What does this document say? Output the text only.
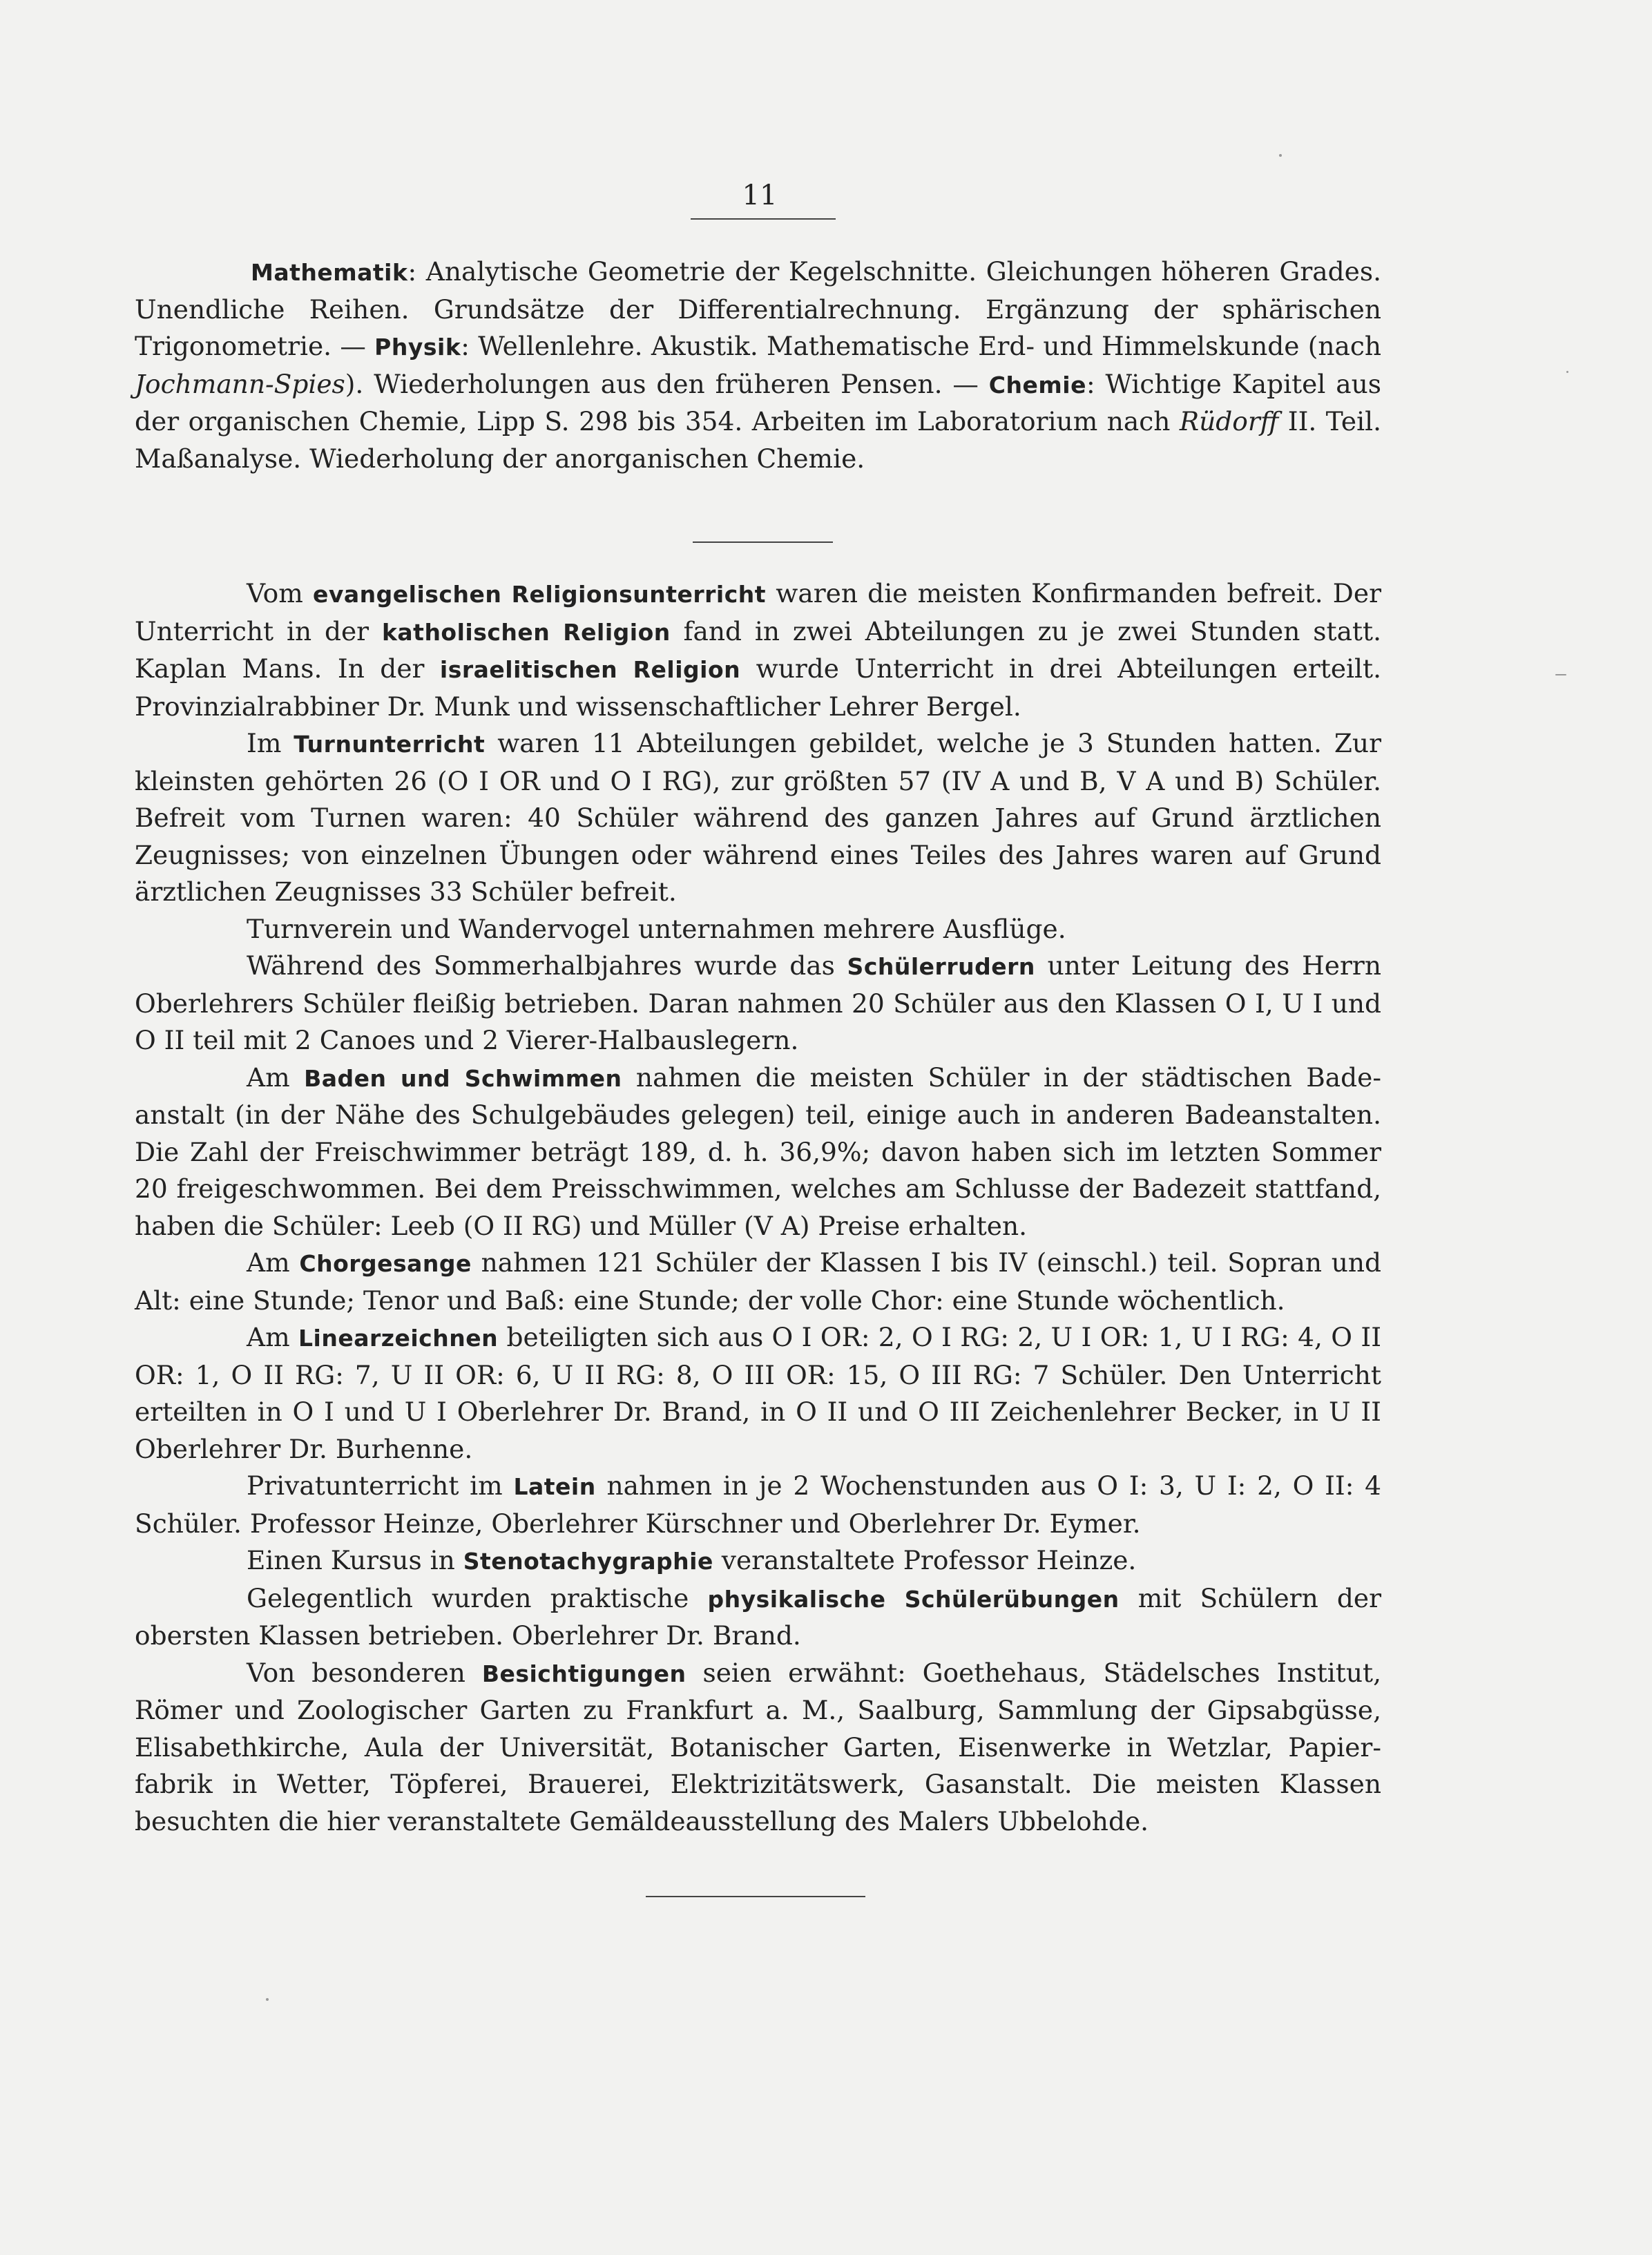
11

Mathematik: Analytische Geometrie der Kegelschnitte. Gleichungen höheren Grades. Unendliche Reihen. Grundsätze der Differentialrechnung. Ergänzung der sphärischen Trigonometrie. — Physik: Wellenlehre. Akustik. Mathematische Erd- und Himmelskunde (nach Jochmann-Spies). Wiederholungen aus den früheren Pensen. — Chemie: Wichtige Kapitel aus der organischen Chemie, Lipp S. 298 bis 354. Arbeiten im Laboratorium nach Rüdorff II. Teil. Maßanalyse. Wiederholung der anorganischen Chemie.

Vom evangelischen Religionsunterricht waren die meisten Konfirmanden befreit. Der Unterricht in der katholischen Religion fand in zwei Abteilungen zu je zwei Stunden statt. Kaplan Mans. In der israelitischen Religion wurde Unterricht in drei Abteilungen erteilt. Provinzialrabbiner Dr. Munk und wissenschaftlicher Lehrer Bergel.

Im Turnunterricht waren 11 Abteilungen gebildet, welche je 3 Stunden hatten. Zur kleinsten gehörten 26 (O I OR und O I RG), zur größten 57 (IV A und B, V A und B) Schüler. Befreit vom Turnen waren: 40 Schüler während des ganzen Jahres auf Grund ärztlichen Zeugnisses; von einzelnen Übungen oder während eines Teiles des Jahres waren auf Grund ärztlichen Zeugnisses 33 Schüler befreit.

Turnverein und Wandervogel unternahmen mehrere Ausflüge.

Während des Sommerhalbjahres wurde das Schülerrudern unter Leitung des Herrn Oberlehrers Schüler fleißig betrieben. Daran nahmen 20 Schüler aus den Klassen O I, U I und O II teil mit 2 Canoes und 2 Vierer-Halbauslegern.

Am Baden und Schwimmen nahmen die meisten Schüler in der städtischen Badeanstalt (in der Nähe des Schulgebäudes gelegen) teil, einige auch in anderen Badeanstalten. Die Zahl der Freischwimmer beträgt 189, d. h. 36,9%; davon haben sich im letzten Sommer 20 freigeschwommen. Bei dem Preisschwimmen, welches am Schlusse der Badezeit stattfand, haben die Schüler: Leeb (O II RG) und Müller (V A) Preise erhalten.

Am Chorgesange nahmen 121 Schüler der Klassen I bis IV (einschl.) teil. Sopran und Alt: eine Stunde; Tenor und Baß: eine Stunde; der volle Chor: eine Stunde wöchentlich.

Am Linearzeichnen beteiligten sich aus O I OR: 2, O I RG: 2, U I OR: 1, U I RG: 4, O II OR: 1, O II RG: 7, U II OR: 6, U II RG: 8, O III OR: 15, O III RG: 7 Schüler. Den Unterricht erteilten in O I und U I Oberlehrer Dr. Brand, in O II und O III Zeichenlehrer Becker, in U II Oberlehrer Dr. Burhenne.

Privatunterricht im Latein nahmen in je 2 Wochenstunden aus O I: 3, U I: 2, O II: 4 Schüler. Professor Heinze, Oberlehrer Kürschner und Oberlehrer Dr. Eymer.

Einen Kursus in Stenotachygraphie veranstaltete Professor Heinze.

Gelegentlich wurden praktische physikalische Schülerübungen mit Schülern der obersten Klassen betrieben. Oberlehrer Dr. Brand.

Von besonderen Besichtigungen seien erwähnt: Goethehaus, Städelsches Institut, Römer und Zoologischer Garten zu Frankfurt a. M., Saalburg, Sammlung der Gipsabgüsse, Elisabethkirche, Aula der Universität, Botanischer Garten, Eisenwerke in Wetzlar, Papierfabrik in Wetter, Töpferei, Brauerei, Elektrizitätswerk, Gasanstalt. Die meisten Klassen besuchten die hier veranstaltete Gemäldeausstellung des Malers Ubbelohde.
